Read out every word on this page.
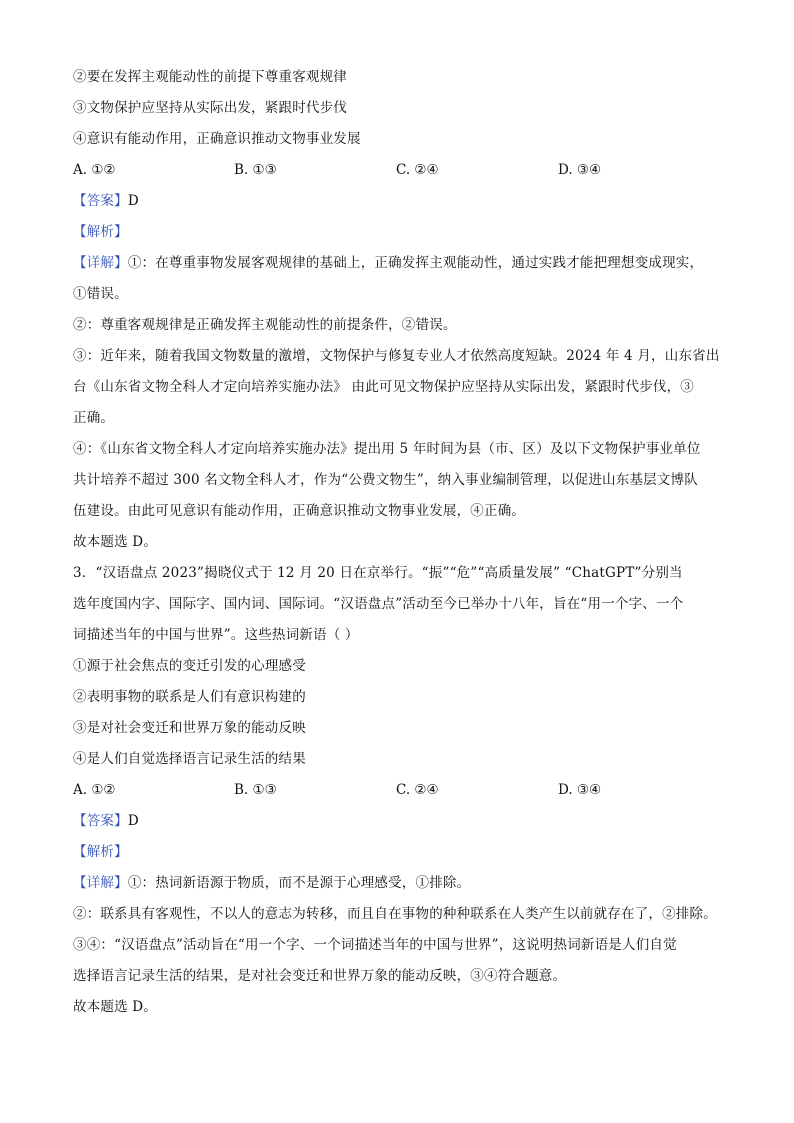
②要在发挥主观能动性的前提下尊重客观规律
③文物保护应坚持从实际出发，紧跟时代步伐
④意识有能动作用，正确意识推动文物事业发展
A. ①②	B. ①③	C. ②④	D. ③④
【答案】D
【解析】
【详解】①：在尊重事物发展客观规律的基础上，正确发挥主观能动性，通过实践才能把理想变成现实，
①错误。
②：尊重客观规律是正确发挥主观能动性的前提条件，②错误。
③：近年来，随着我国文物数量的激增，文物保护与修复专业人才依然高度短缺。2024 年 4 月，山东省出
台《山东省文物全科人才定向培养实施办法》 由此可见文物保护应坚持从实际出发，紧跟时代步伐，③
正确。
④：《山东省文物全科人才定向培养实施办法》提出用 5 年时间为县（市、区）及以下文物保护事业单位
共计培养不超过 300 名文物全科人才，作为“公费文物生”，纳入事业编制管理，以促进山东基层文博队
伍建设。由此可见意识有能动作用，正确意识推动文物事业发展，④正确。
故本题选 D。
3．“汉语盘点 2023”揭晓仪式于 12 月 20 日在京举行。“振”“危”“高质量发展” “ChatGPT”分别当
选年度国内字、国际字、国内词、国际词。“汉语盘点”活动至今已举办十八年，旨在“用一个字、一个
词描述当年的中国与世界”。这些热词新语（ ）
①源于社会焦点的变迁引发的心理感受
②表明事物的联系是人们有意识构建的
③是对社会变迁和世界万象的能动反映
④是人们自觉选择语言记录生活的结果
A. ①②	B. ①③	C. ②④	D. ③④
【答案】D
【解析】
【详解】①：热词新语源于物质，而不是源于心理感受，①排除。
②：联系具有客观性，不以人的意志为转移，而且自在事物的种种联系在人类产生以前就存在了，②排除。
③④：“汉语盘点”活动旨在“用一个字、一个词描述当年的中国与世界”，这说明热词新语是人们自觉
选择语言记录生活的结果，是对社会变迁和世界万象的能动反映，③④符合题意。
故本题选 D。
